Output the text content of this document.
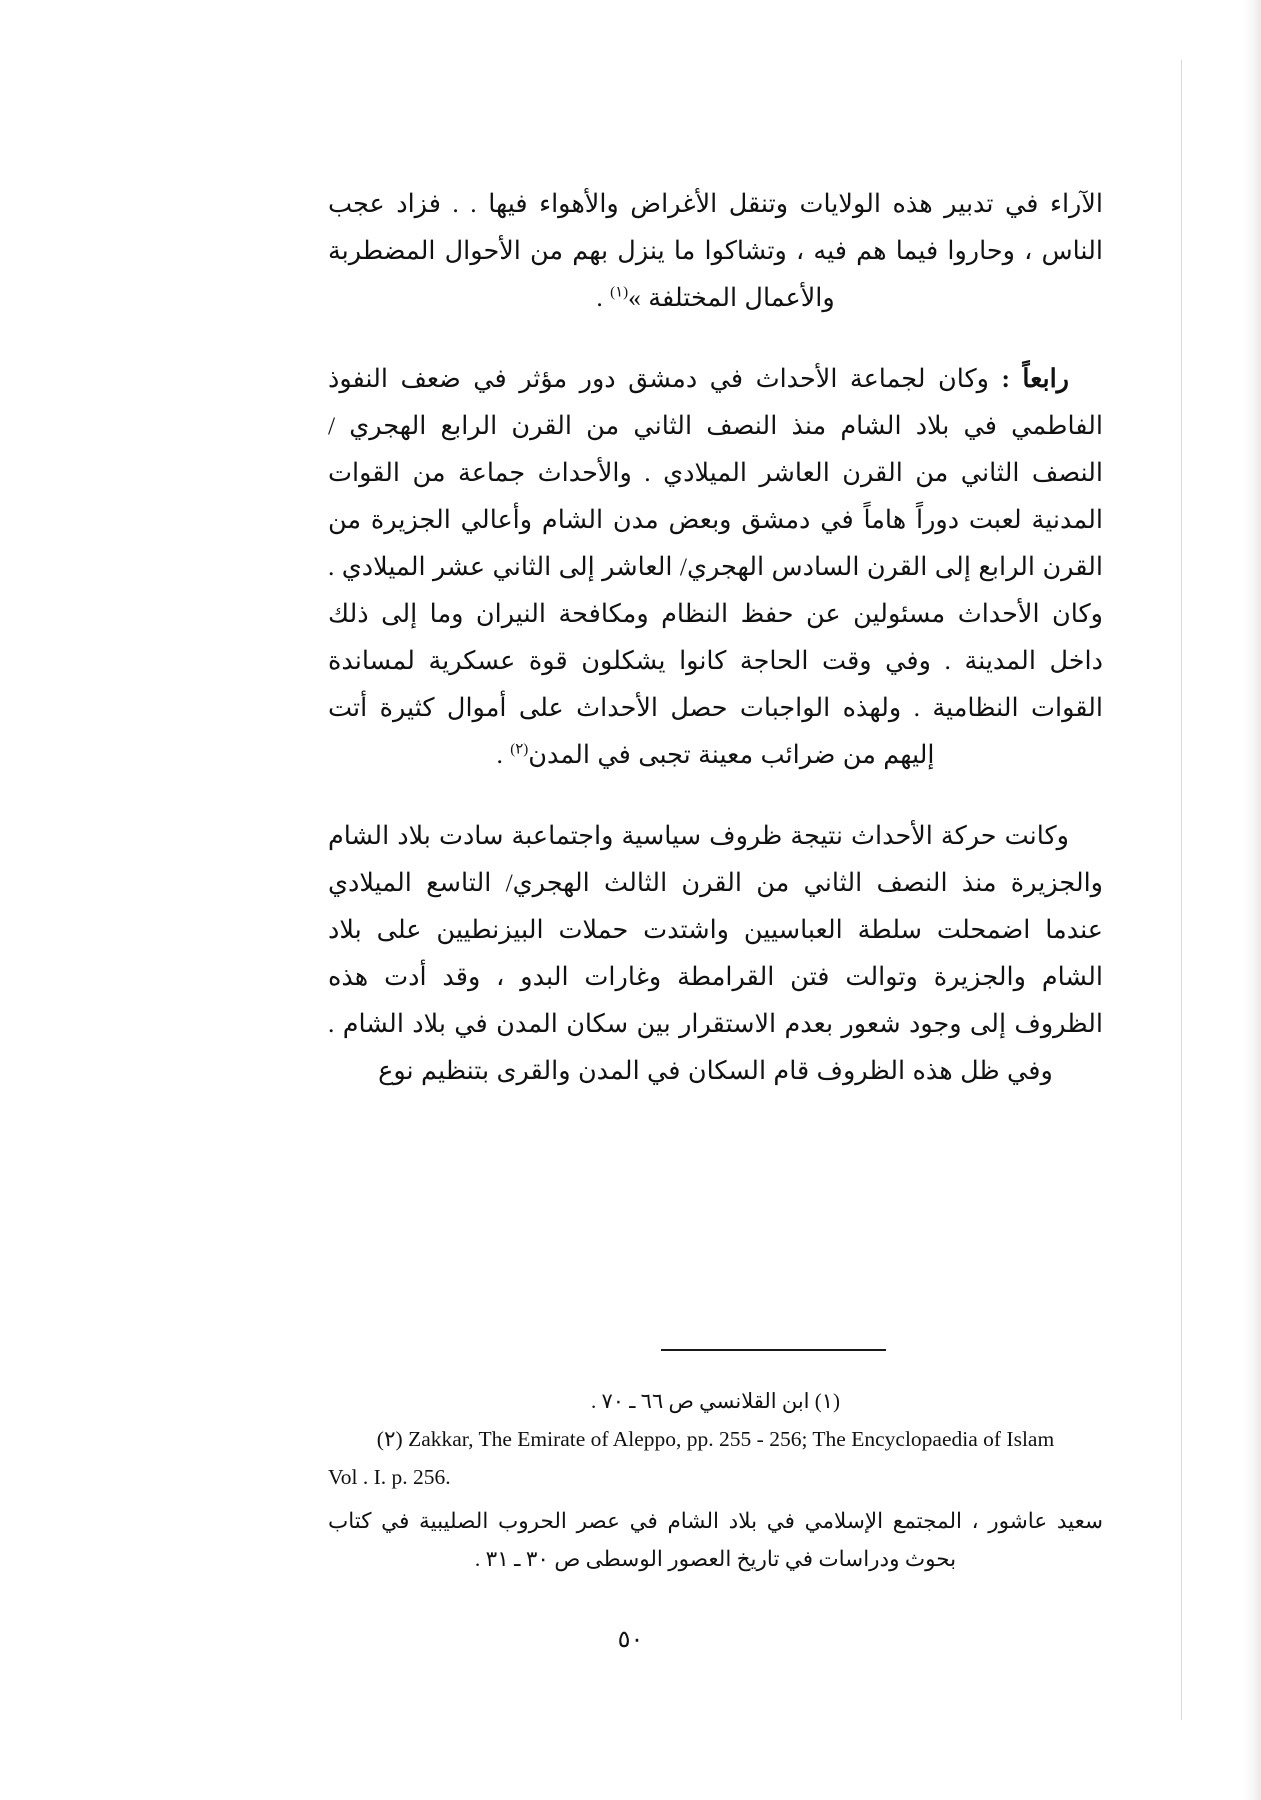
الآراء في تدبير هذه الولايات وتنقل الأغراض والأهواء فيها . . فزاد عجب الناس ، وحاروا فيما هم فيه ، وتشاكوا ما ينزل بهم من الأحوال المضطربة والأعمال المختلفة »$^{(١)}$ .

رابعاً : وكان لجماعة الأحداث في دمشق دور مؤثر في ضعف النفوذ الفاطمي في بلاد الشام منذ النصف الثاني من القرن الرابع الهجري / النصف الثاني من القرن العاشر الميلادي . والأحداث جماعة من القوات المدنية لعبت دوراً هاماً في دمشق وبعض مدن الشام وأعالي الجزيرة من القرن الرابع إلى القرن السادس الهجري/ العاشر إلى الثاني عشر الميلادي . وكان الأحداث مسئولين عن حفظ النظام ومكافحة النيران وما إلى ذلك داخل المدينة . وفي وقت الحاجة كانوا يشكلون قوة عسكرية لمساندة القوات النظامية . ولهذه الواجبات حصل الأحداث على أموال كثيرة أتت إليهم من ضرائب معينة تجبى في المدن$^{(٢)}$ .

وكانت حركة الأحداث نتيجة ظروف سياسية واجتماعبة سادت بلاد الشام والجزيرة منذ النصف الثاني من القرن الثالث الهجري/ التاسع الميلادي عندما اضمحلت سلطة العباسيين واشتدت حملات البيزنطيين على بلاد الشام والجزيرة وتوالت فتن القرامطة وغارات البدو ، وقد أدت هذه الظروف إلى وجود شعور بعدم الاستقرار بين سكان المدن في بلاد الشام . وفي ظل هذه الظروف قام السكان في المدن والقرى بتنظيم نوع

(١) ابن القلانسي ص ٦٦ ـ ٧٠ .

Zakkar, The Emirate of Aleppo, pp. 255 - 256; The Encyclopaedia of Islam (٢)

Vol . I. p. 256.

سعيد عاشور ، المجتمع الإسلامي في بلاد الشام في عصر الحروب الصليبية في كتاب بحوث ودراسات في تاريخ العصور الوسطى ص ٣٠ ـ ٣١ .

٥٠
